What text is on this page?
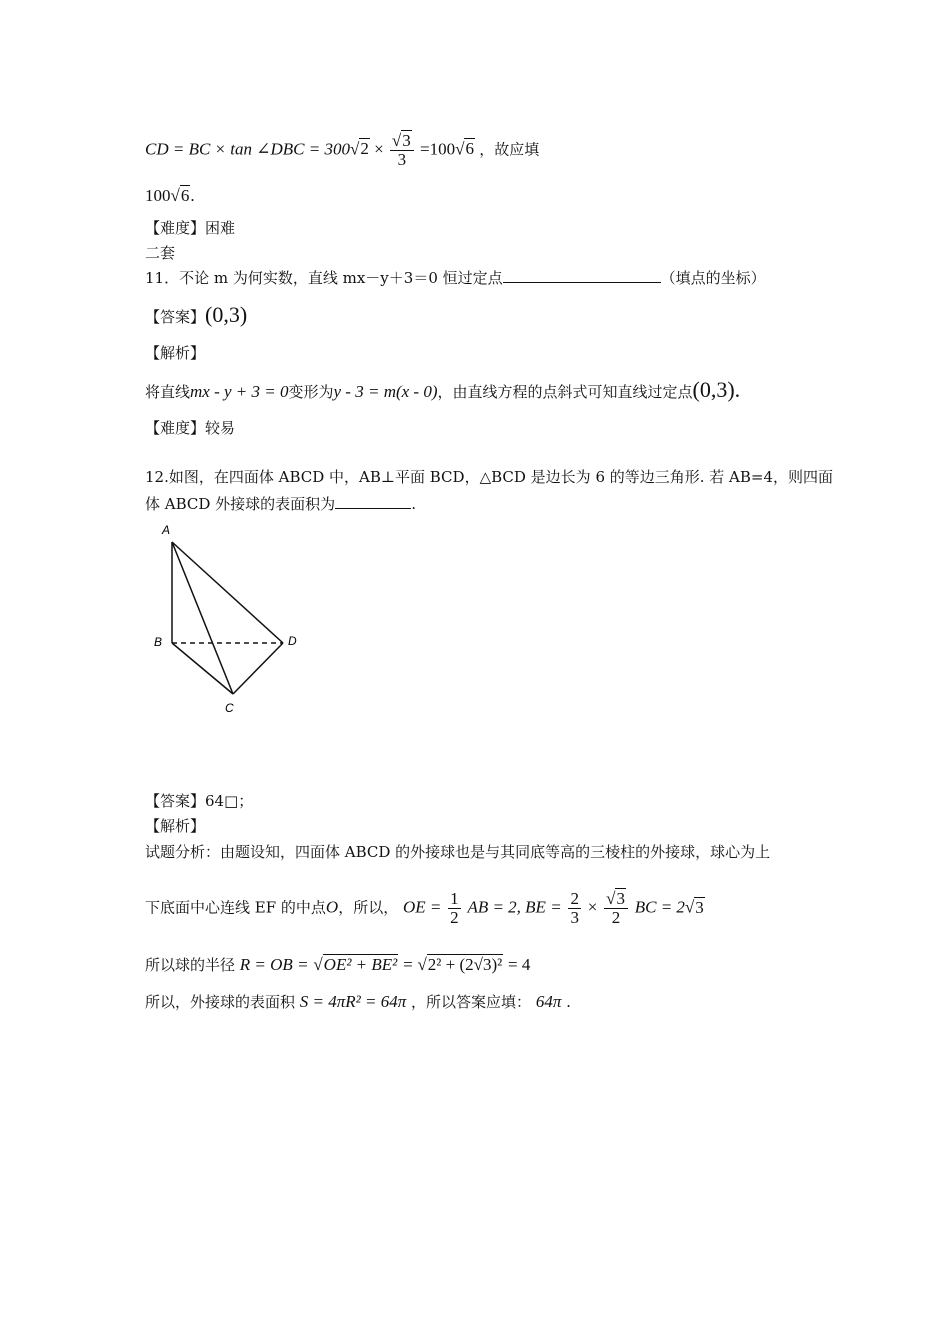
CD = BC × tan ∠DBC = $300√2 \times \frac{√3}{3} =100√6$ ，故应填
100√6.
【难度】困难
二套
11．不论 m 为何实数，直线 mx－y＋3＝0 恒过定点	（填点的坐标）
【答案】(0,3)
【解析】
将直线mx - y + 3 = 0变形为y - 3 = m(x - 0)，由直线方程的点斜式可知直线过定点(0,3).
【难度】较易
12.如图，在四面体 ABCD 中，AB⊥平面 BCD，△BCD 是边长为 6 的等边三角形. 若 AB=4，则四面
体 ABCD 外接球的表面积为	.
A
B
C
D
【答案】64□；
【解析】
试题分析：由题设知，四面体 ABCD 的外接球也是与其同底等高的三棱柱的外接球，球心为上
下底面中心连线 EF 的中点O，所以， OE = $\frac{1}{2}$ AB = 2, BE = $\frac{2}{3} \times \frac{√3}{2}$ BC = 2√3
所以球的半径 R = OB = √OE² + BE² = √2² + (2√3)² = 4
所以，外接球的表面积 S = 4πR² = 64π ，所以答案应填： 64π .
